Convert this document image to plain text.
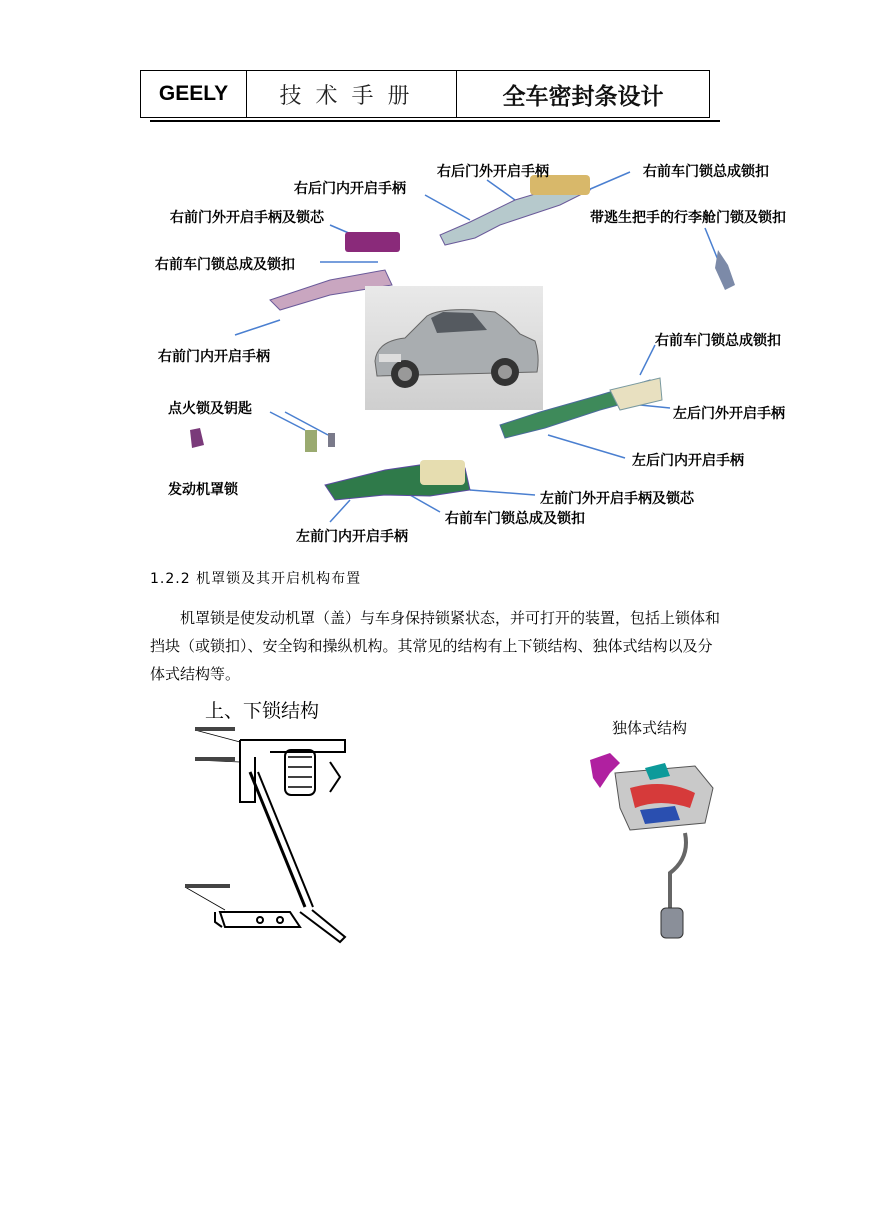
GEELY	技术手册	全车密封条设计
右后门外开启手柄	右前车门锁总成锁扣
右后门内开启手柄
带逃生把手的行李舱门锁及锁扣
右前门外开启手柄及锁芯
右前车门锁总成及锁扣
右前门内开启手柄
右前车门锁总成锁扣
点火锁及钥匙	左后门外开启手柄
左后门内开启手柄
发动机罩锁
左前门外开启手柄及锁芯
右前车门锁总成及锁扣
左前门内开启手柄
1.2.2 机罩锁及其开启机构布置
机罩锁是使发动机罩（盖）与车身保持锁紧状态，并可打开的装置，包括上锁体和挡块（或锁扣）、安全钩和操纵机构。其常见的结构有上下锁结构、独体式结构以及分体式结构等。
上、下锁结构
独体式结构
